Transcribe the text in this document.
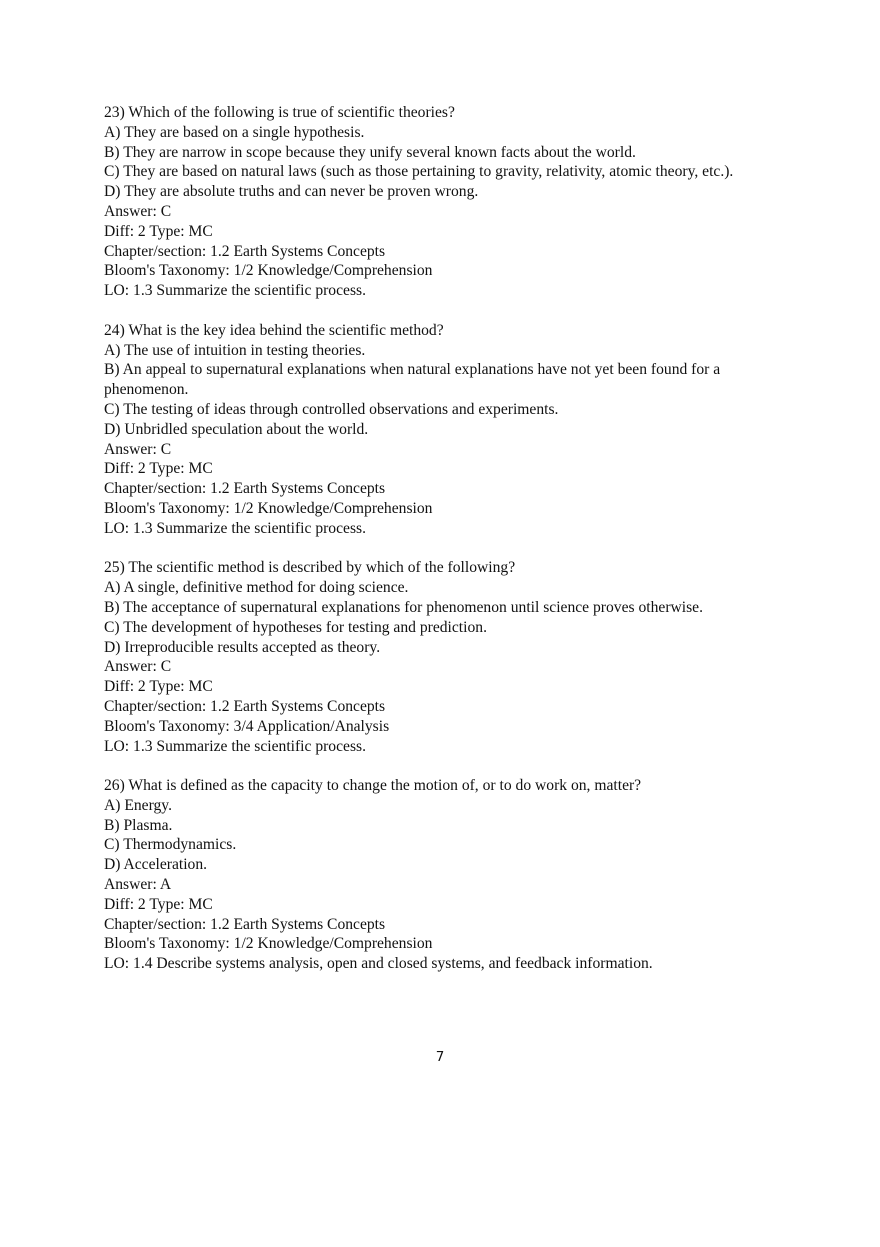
23) Which of the following is true of scientific theories?
A) They are based on a single hypothesis.
B) They are narrow in scope because they unify several known facts about the world.
C) They are based on natural laws (such as those pertaining to gravity, relativity, atomic theory, etc.).
D) They are absolute truths and can never be proven wrong.
Answer: C
Diff: 2 Type: MC
Chapter/section: 1.2 Earth Systems Concepts
Bloom's Taxonomy: 1/2 Knowledge/Comprehension
LO: 1.3 Summarize the scientific process.
24) What is the key idea behind the scientific method?
A) The use of intuition in testing theories.
B) An appeal to supernatural explanations when natural explanations have not yet been found for a phenomenon.
C) The testing of ideas through controlled observations and experiments.
D) Unbridled speculation about the world.
Answer: C
Diff: 2 Type: MC
Chapter/section: 1.2 Earth Systems Concepts
Bloom's Taxonomy: 1/2 Knowledge/Comprehension
LO: 1.3 Summarize the scientific process.
25) The scientific method is described by which of the following?
A) A single, definitive method for doing science.
B) The acceptance of supernatural explanations for phenomenon until science proves otherwise.
C) The development of hypotheses for testing and prediction.
D) Irreproducible results accepted as theory.
Answer: C
Diff: 2 Type: MC
Chapter/section: 1.2 Earth Systems Concepts
Bloom's Taxonomy: 3/4 Application/Analysis
LO: 1.3 Summarize the scientific process.
26) What is defined as the capacity to change the motion of, or to do work on, matter?
A) Energy.
B) Plasma.
C) Thermodynamics.
D) Acceleration.
Answer: A
Diff: 2 Type: MC
Chapter/section: 1.2 Earth Systems Concepts
Bloom's Taxonomy: 1/2 Knowledge/Comprehension
LO: 1.4 Describe systems analysis, open and closed systems, and feedback information.
7
